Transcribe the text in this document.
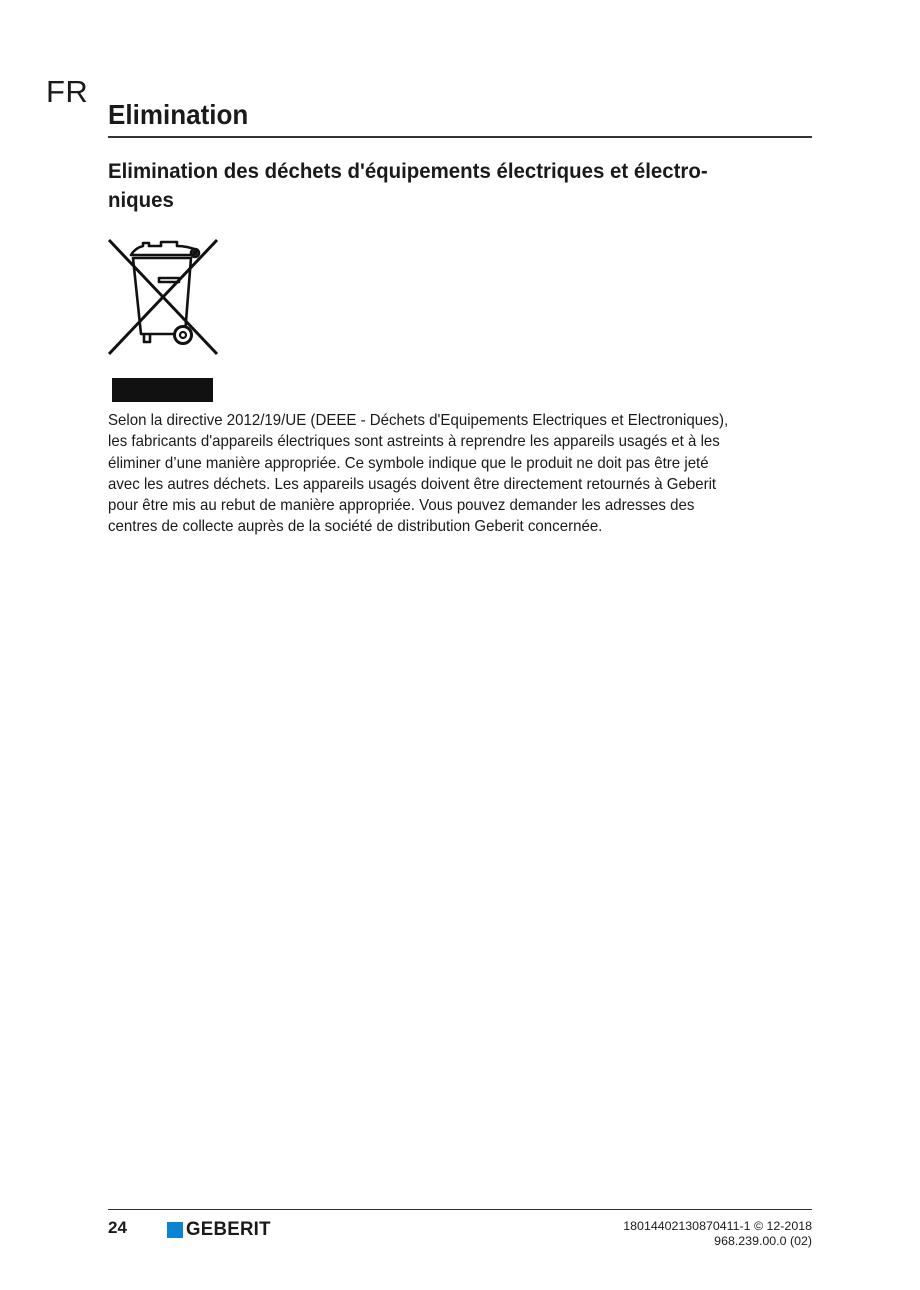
FR
Elimination
Elimination des déchets d'équipements électriques et électro-
niques
Selon la directive 2012/19/UE (DEEE - Déchets d'Equipements Electriques et Electroniques),
les fabricants d'appareils électriques sont astreints à reprendre les appareils usagés et à les
éliminer d’une manière appropriée. Ce symbole indique que le produit ne doit pas être jeté
avec les autres déchets. Les appareils usagés doivent être directement retournés à Geberit
pour être mis au rebut de manière appropriée. Vous pouvez demander les adresses des
centres de collecte auprès de la société de distribution Geberit concernée.
24	GEBERIT	18014402130870411-1 © 12-2018
968.239.00.0 (02)
